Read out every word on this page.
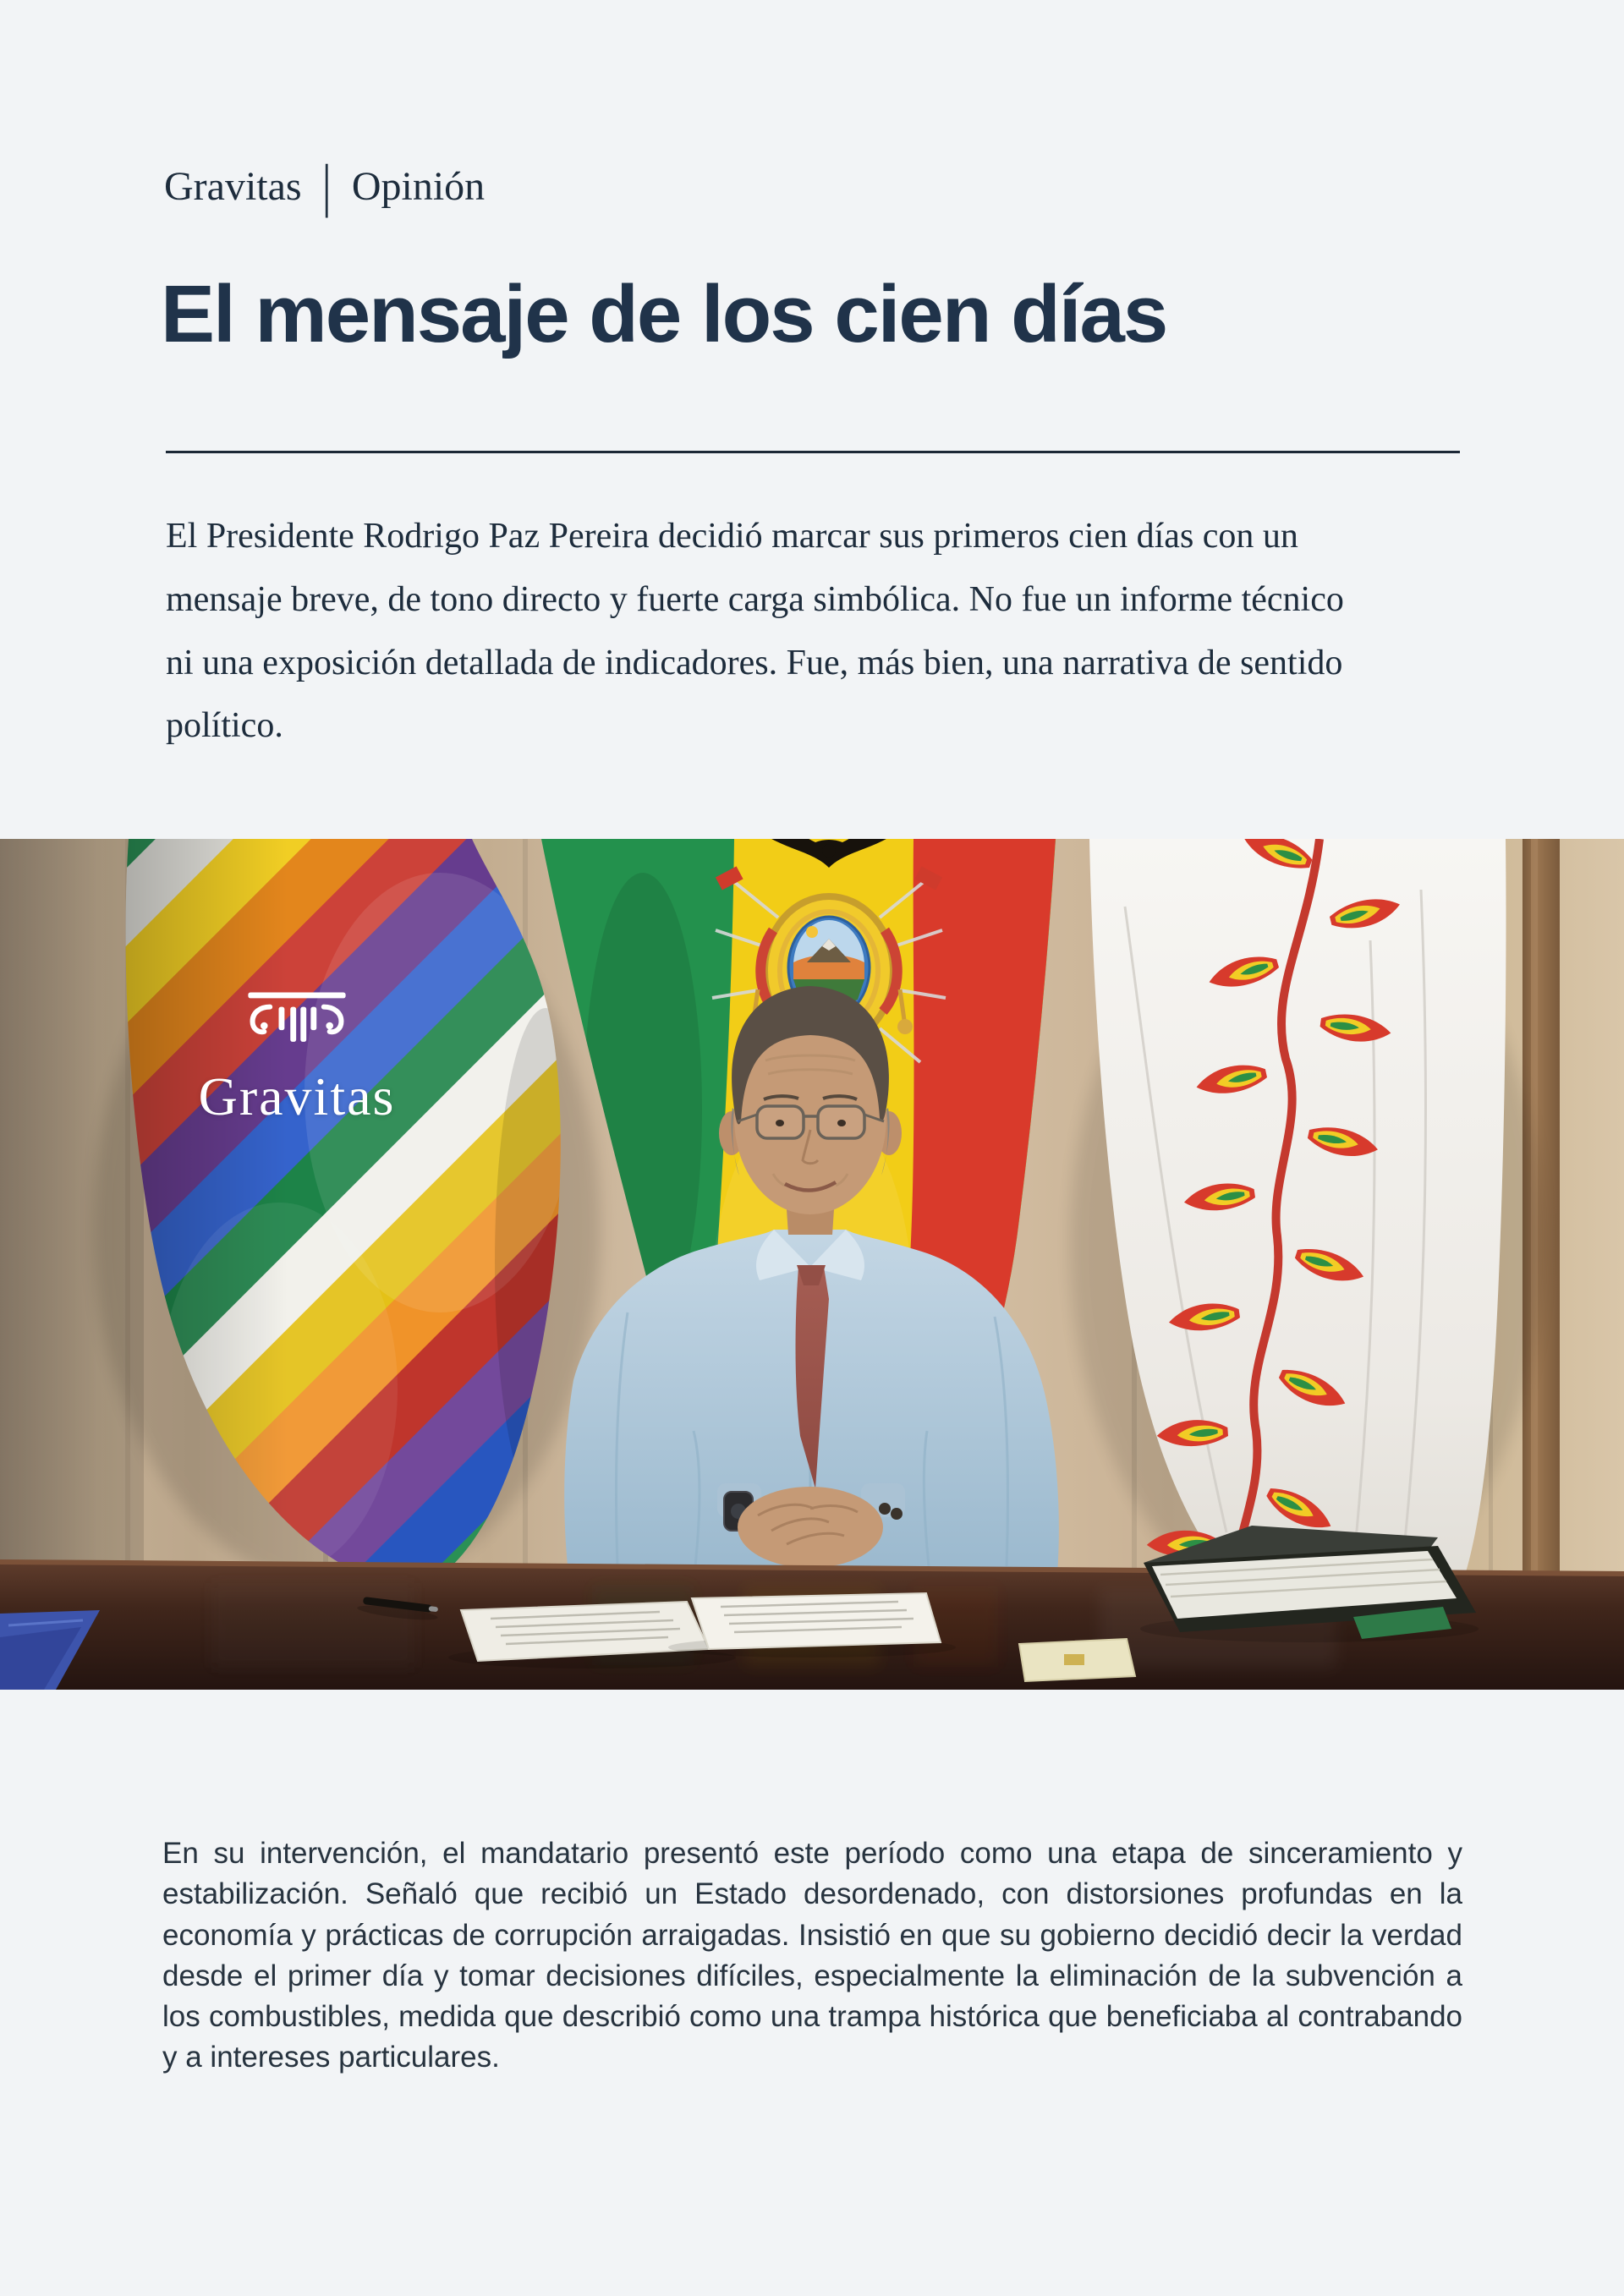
Gravitas | Opinión
El mensaje de los cien días

El Presidente Rodrigo Paz Pereira decidió marcar sus primeros cien días con un mensaje breve, de tono directo y fuerte carga simbólica. No fue un informe técnico ni una exposición detallada de indicadores. Fue, más bien, una narrativa de sentido político.

Gravitas

En su intervención, el mandatario presentó este período como una etapa de sinceramiento y estabilización. Señaló que recibió un Estado desordenado, con distorsiones profundas en la economía y prácticas de corrupción arraigadas. Insistió en que su gobierno decidió decir la verdad desde el primer día y tomar decisiones difíciles, especialmente la eliminación de la subvención a los combustibles, medida que describió como una trampa histórica que beneficiaba al contrabando y a intereses particulares.
